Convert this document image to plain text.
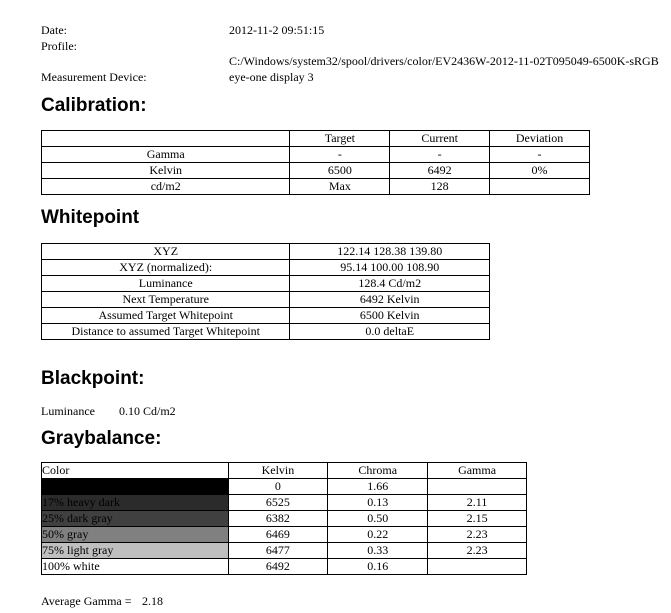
Date:	2012-11-2 09:51:15
Profile:
C:/Windows/system32/spool/drivers/color/EV2436W-2012-11-02T095049-6500K-sRGB
Measurement Device:	eye-one display 3
Calibration:
	Target	Current	Deviation
Gamma	-	-	-
Kelvin	6500	6492	0%
cd/m2	Max	128	
Whitepoint
XYZ	122.14 128.38 139.80
XYZ (normalized):	95.14 100.00 108.90
Luminance	128.4 Cd/m2
Next Temperature	6492 Kelvin
Assumed Target Whitepoint	6500 Kelvin
Distance to assumed Target Whitepoint	0.0 deltaE
Blackpoint:
Luminance 0.10 Cd/m2
Graybalance:
Color	Kelvin	Chroma	Gamma
	0	1.66	
17% heavy dark	6525	0.13	2.11
25% dark gray	6382	0.50	2.15
50% gray	6469	0.22	2.23
75% light gray	6477	0.33	2.23
100% white	6492	0.16	
Average Gamma = 2.18
